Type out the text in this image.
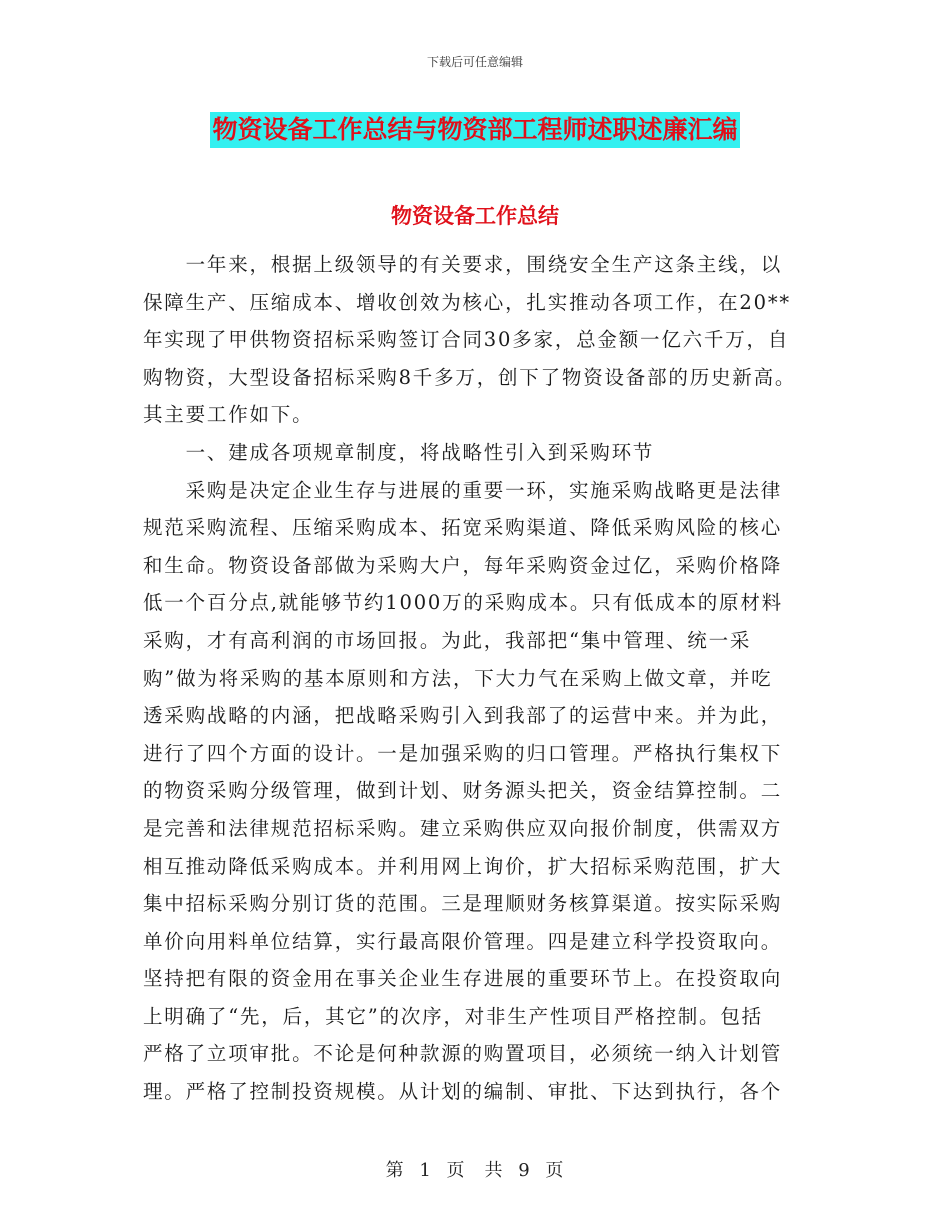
下载后可任意编辑
物资设备工作总结与物资部工程师述职述廉汇编
物资设备工作总结

　　一年来，根据上级领导的有关要求，围绕安全生产这条主线，以
保障生产、压缩成本、增收创效为核心，扎实推动各项工作，在20**
年实现了甲供物资招标采购签订合同30多家，总金额一亿六千万，自
购物资，大型设备招标采购8千多万，创下了物资设备部的历史新高。
其主要工作如下。
　　一、建成各项规章制度，将战略性引入到采购环节
　　采购是决定企业生存与进展的重要一环，实施采购战略更是法律
规范采购流程、压缩采购成本、拓宽采购渠道、降低采购风险的核心
和生命。物资设备部做为采购大户，每年采购资金过亿，采购价格降
低一个百分点,就能够节约1000万的采购成本。只有低成本的原材料
采购，才有高利润的市场回报。为此，我部把“集中管理、统一采
购”做为将采购的基本原则和方法，下大力气在采购上做文章，并吃
透采购战略的内涵，把战略采购引入到我部了的运营中来。并为此，
进行了四个方面的设计。一是加强采购的归口管理。严格执行集权下
的物资采购分级管理，做到计划、财务源头把关，资金结算控制。二
是完善和法律规范招标采购。建立采购供应双向报价制度，供需双方
相互推动降低采购成本。并利用网上询价，扩大招标采购范围，扩大
集中招标采购分别订货的范围。三是理顺财务核算渠道。按实际采购
单价向用料单位结算，实行最高限价管理。四是建立科学投资取向。
坚持把有限的资金用在事关企业生存进展的重要环节上。在投资取向
上明确了“先，后，其它”的次序，对非生产性项目严格控制。包括
严格了立项审批。不论是何种款源的购置项目，必须统一纳入计划管
理。严格了控制投资规模。从计划的编制、审批、下达到执行，各个

第 1 页　共 9 页
